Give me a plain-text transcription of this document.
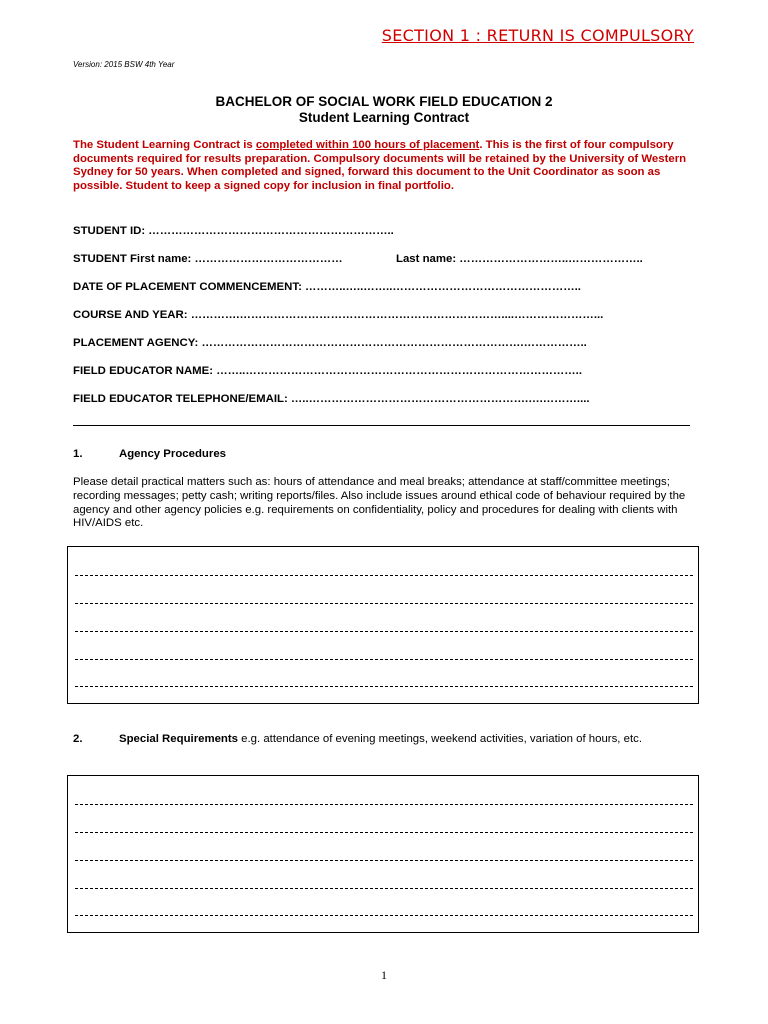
SECTION 1 : RETURN IS COMPULSORY
Version: 2015 BSW 4th Year
BACHELOR OF SOCIAL WORK FIELD EDUCATION 2
Student Learning Contract
The Student Learning Contract is completed within 100 hours of placement. This is the first of four compulsory documents required for results preparation. Compulsory documents will be retained by the University of Western Sydney for 50 years. When completed and signed, forward this document to the Unit Coordinator as soon as possible. Student to keep a signed copy for inclusion in final portfolio.
STUDENT ID: ………………………………………………………..
STUDENT First name: …………………………………	Last name: ………………………..………………..
DATE OF PLACEMENT COMMENCEMENT: ………..…..……..…………………………………………..
COURSE AND YEAR: ………….……………………………………………………………....…………………...
PLACEMENT AGENCY: ………………………………………………………………………….……………..
FIELD EDUCATOR NAME: ……..……………………………………………………………………………..
FIELD EDUCATOR TELEPHONE/EMAIL: …..………………………………………………….….………....
1.	Agency Procedures
Please detail practical matters such as: hours of attendance and meal breaks; attendance at staff/committee meetings; recording messages; petty cash; writing reports/files. Also include issues around ethical code of behaviour required by the agency and other agency policies e.g. requirements on confidentiality, policy and procedures for dealing with clients with HIV/AIDS etc.
2.	Special Requirements e.g. attendance of evening meetings, weekend activities, variation of hours, etc.
1
